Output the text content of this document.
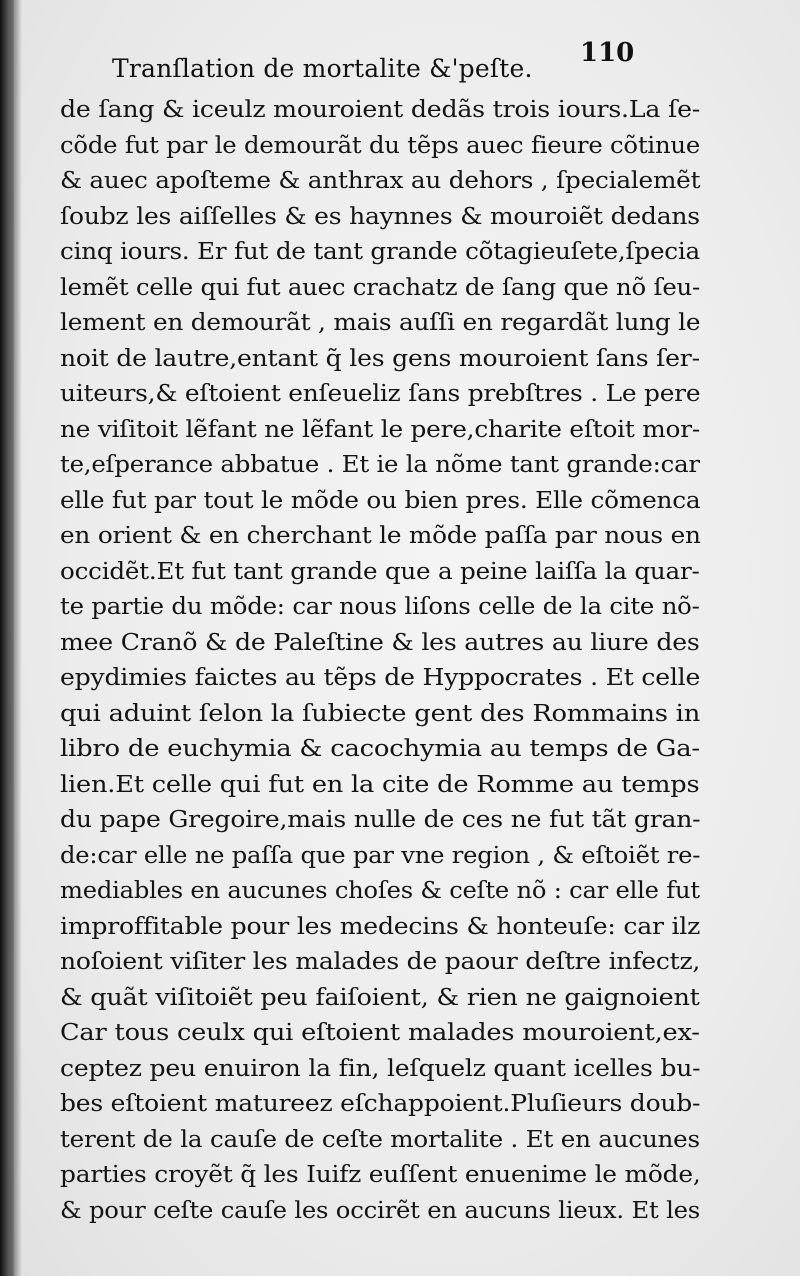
Tranſlation de mortalite &'peſte.
110
de ſang & iceulz mouroient dedãs trois iours.La ſe-
cõde fut par le demourãt du tẽps auec fieure cõtinue
& auec apoſteme & anthrax au dehors , ſpecialemẽt
ſoubz les aiſſelles & es haynnes & mouroiẽt dedans
cinq iours. Er fut de tant grande cõtagieuſete,ſpecia
lemẽt celle qui fut auec crachatz de ſang que nõ ſeu-
lement en demourãt , mais auſſi en regardãt lung le
noit de lautre,entant q̃ les gens mouroient ſans ſer-
uiteurs,& eſtoient enſeueliz ſans prebſtres . Le pere
ne viſitoit lẽfant ne lẽfant le pere,charite eſtoit mor-
te,eſperance abbatue . Et ie la nõme tant grande:car
elle fut par tout le mõde ou bien pres. Elle cõmenca
en orient & en cherchant le mõde paſſa par nous en
occidẽt.Et fut tant grande que a peine laiſſa la quar-
te partie du mõde: car nous liſons celle de la cite nõ-
mee Cranõ & de Paleſtine & les autres au liure des
epydimies faictes au tẽps de Hyppocrates . Et celle
qui aduint ſelon la ſubiecte gent des Rommains in
libro de euchymia & cacochymia au temps de Ga-
lien.Et celle qui fut en la cite de Romme au temps
du pape Gregoire,mais nulle de ces ne fut tãt gran-
de:car elle ne paſſa que par vne region , & eſtoiẽt re-
mediables en aucunes choſes & ceſte nõ : car elle fut
improffitable pour les medecins & honteuſe: car ilz
noſoient viſiter les malades de paour deſtre infectz,
& quãt viſitoiẽt peu faiſoient, & rien ne gaignoient
Car tous ceulx qui eſtoient malades mouroient,ex-
ceptez peu enuiron la fin, leſquelz quant icelles bu-
bes eſtoient matureez eſchappoient.Pluſieurs doub-
terent de la cauſe de ceſte mortalite . Et en aucunes
parties croyẽt q̃ les Iuifz euſſent enuenime le mõde,
& pour ceſte cauſe les occirẽt en aucuns lieux. Et les
